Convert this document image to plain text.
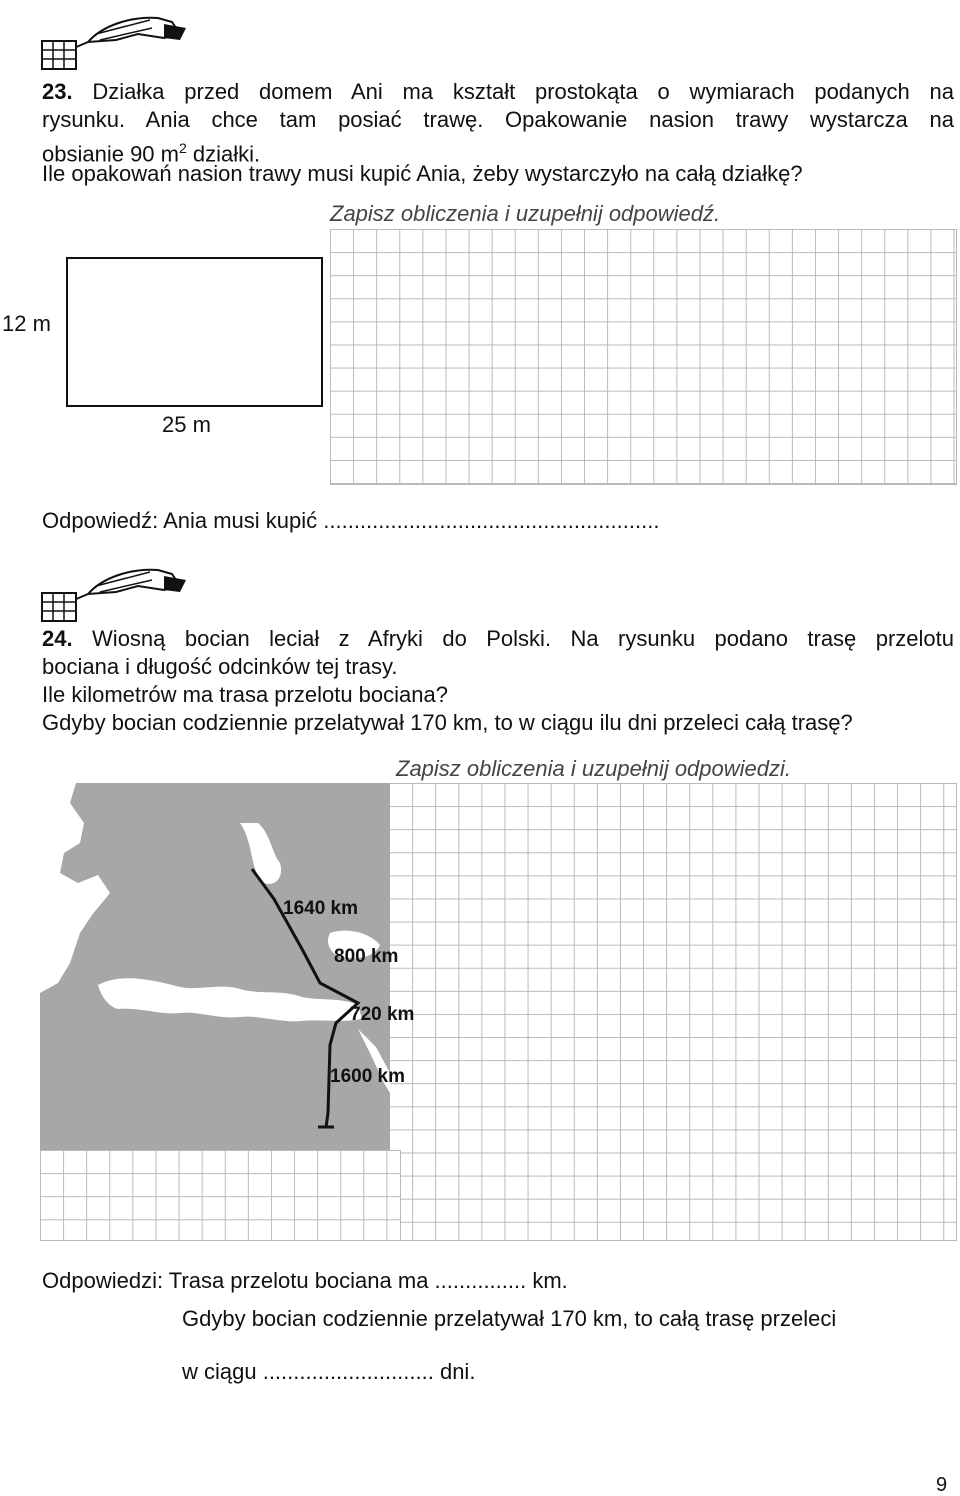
23. Działka przed domem Ani ma kształt prostokąta o wymiarach podanych na
rysunku. Ania chce tam posiać trawę. Opakowanie nasion trawy wystarcza na
obsianie 90 $m^2$ działki.
Ile opakowań nasion trawy musi kupić Ania, żeby wystarczyło na całą działkę?
Zapisz obliczenia i uzupełnij odpowiedź.
12 m
25 m
Odpowiedź: Ania musi kupić .......................................................
24. Wiosną bocian leciał z Afryki do Polski. Na rysunku podano trasę przelotu
bociana i długość odcinków tej trasy.
Ile kilometrów ma trasa przelotu bociana?
Gdyby bocian codziennie przelatywał 170 km, to w ciągu ilu dni przeleci całą trasę?
Zapisz obliczenia i uzupełnij odpowiedzi.
1640 km
800 km
720 km
1600 km
Odpowiedzi: Trasa przelotu bociana ma ............... km.
Gdyby bocian codziennie przelatywał 170 km, to całą trasę przeleci
w ciągu ............................ dni.
9
